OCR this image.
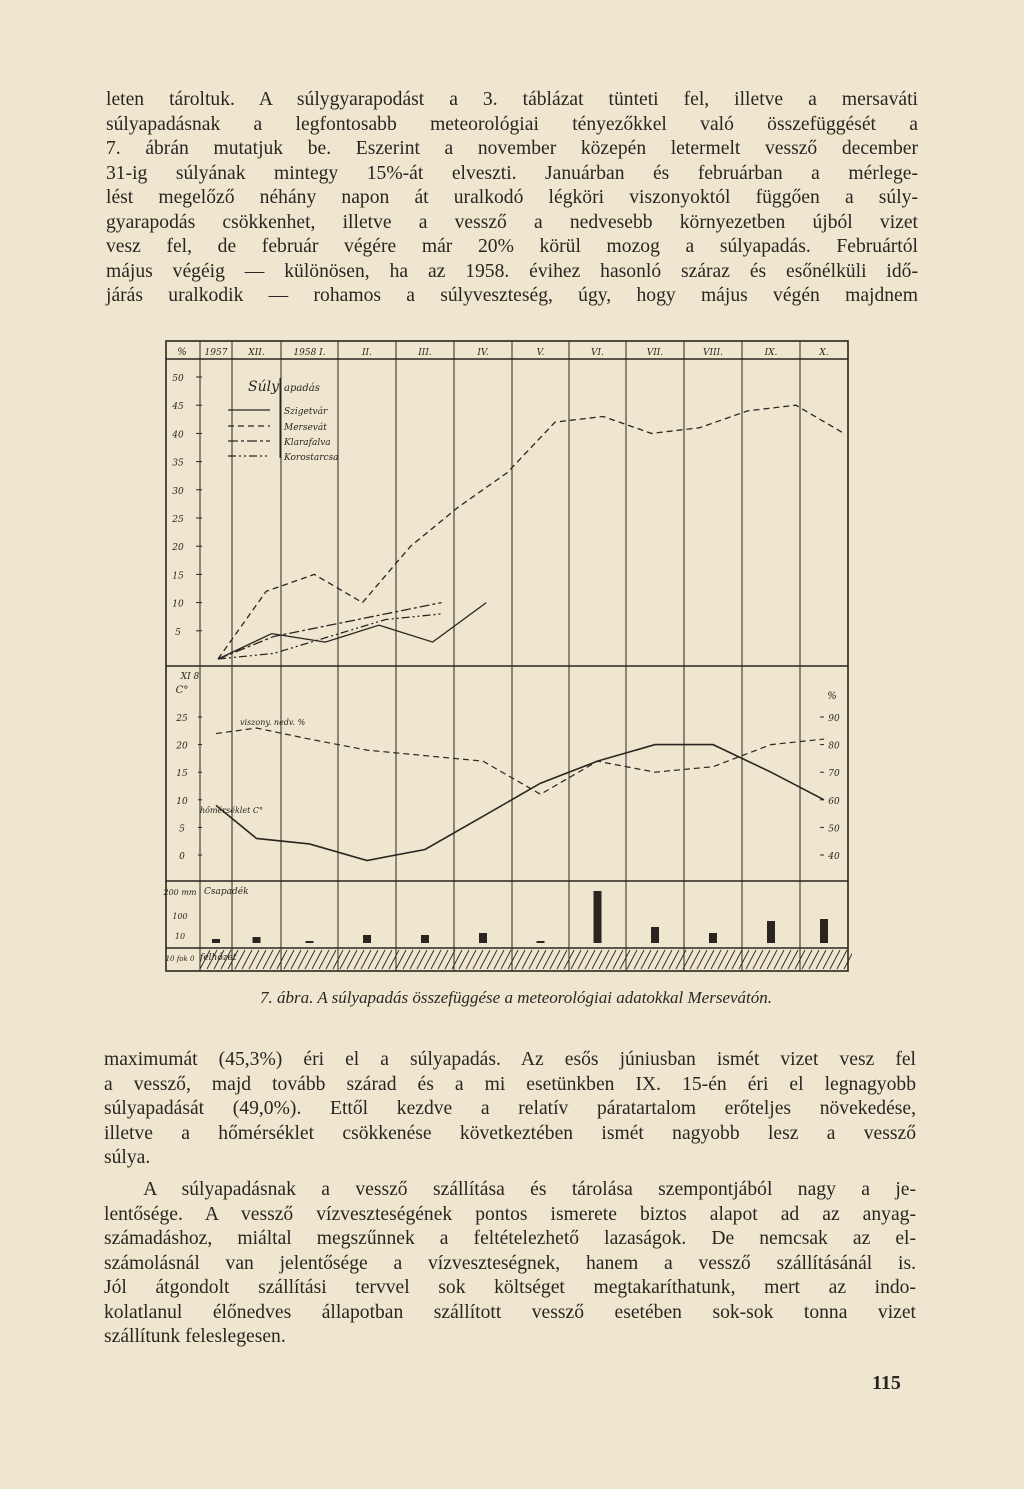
leten tároltuk. A súlygyarapodást a 3. táblázat tünteti fel, illetve a mersaváti
súlyapadásnak a legfontosabb meteorológiai tényezőkkel való összefüggését a
7. ábrán mutatjuk be. Eszerint a november közepén letermelt vessző december
31-ig súlyának mintegy 15%-át elveszti. Januárban és februárban a mérlege-
lést megelőző néhány napon át uralkodó légköri viszonyoktól függően a súly-
gyarapodás csökkenhet, illetve a vessző a nedvesebb környezetben újból vizet
vesz fel, de február végére már 20% körül mozog a súlyapadás. Februártól
május végéig — különösen, ha az 1958. évihez hasonló száraz és esőnélküli idő-
járás uralkodik — rohamos a súlyveszteség, úgy, hogy május végén majdnem

% 1957 XII.	1958 I.	II.	III.	IV.	V.	VI.	VII.	VIII.	IX.	X.
50
45
40
35
30
25
20
15
10
5
XI 8
C°
%
25
20
15
10
5
0
90
80
70
60
50
40
200 mm
100
10
10 fok 0
Csapadék
felhőzet
viszony. nedv. %
hőmérséklet C°
Súly apadás
Szigetvár
Mersevát
Klarafalva
Korostarcsa
7. ábra. A súlyapadás összefüggése a meteorológiai adatokkal Mersevátón.

maximumát (45,3%) éri el a súlyapadás. Az esős júniusban ismét vizet vesz fel
a vessző, majd tovább szárad és a mi esetünkben IX. 15-én éri el legnagyobb
súlyapadását (49,0%). Ettől kezdve a relatív páratartalom erőteljes növekedése,
illetve a hőmérséklet csökkenése következtében ismét nagyobb lesz a vessző
súlya.

  A súlyapadásnak a vessző szállítása és tárolása szempontjából nagy a je-
lentősége. A vessző vízveszteségének pontos ismerete biztos alapot ad az anyag-
számadáshoz, miáltal megszűnnek a feltételezhető lazaságok. De nemcsak az el-
számolásnál van jelentősége a vízveszteségnek, hanem a vessző szállításánál is.
Jól átgondolt szállítási tervvel sok költséget megtakaríthatunk, mert az indo-
kolatlanul élőnedves állapotban szállított vessző esetében sok-sok tonna vizet
szállítunk feleslegesen.

115
